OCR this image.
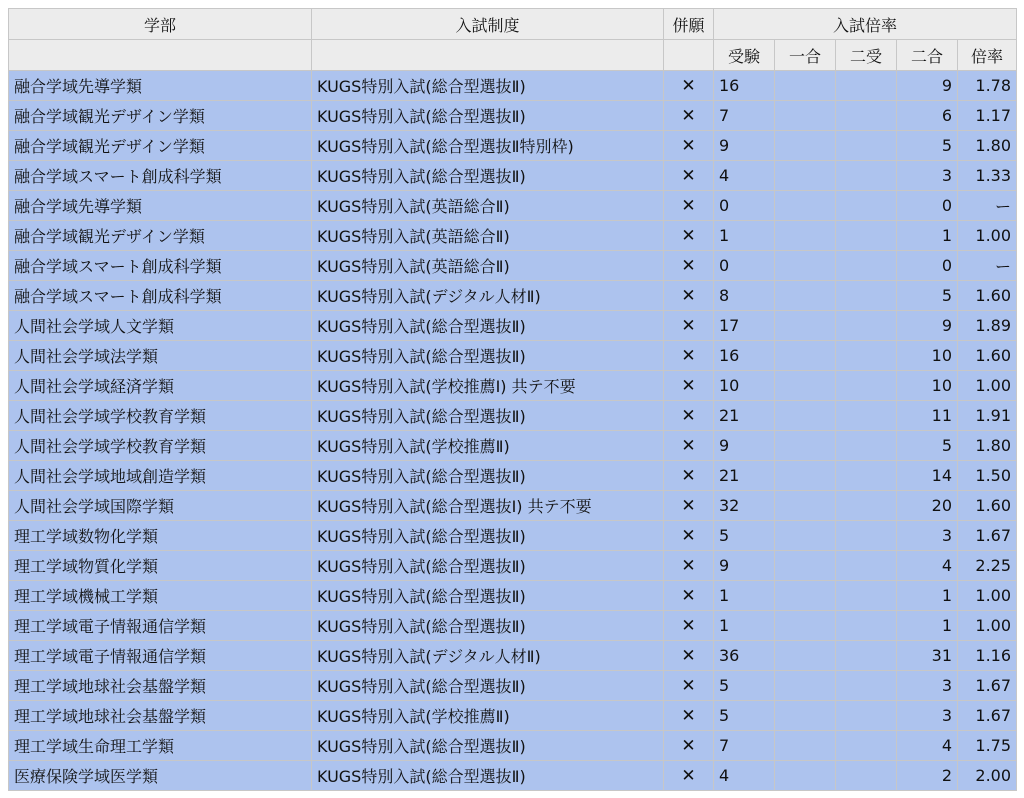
学部	入試制度	併願	入試倍率				
			受験	一合	二受	二合	倍率
融合学域先導学類	KUGS特別入試(総合型選抜Ⅱ)	✕	16			9	1.78
融合学域観光デザイン学類	KUGS特別入試(総合型選抜Ⅱ)	✕	7			6	1.17
融合学域観光デザイン学類	KUGS特別入試(総合型選抜Ⅱ特別枠)	✕	9			5	1.80
融合学域スマート創成科学類	KUGS特別入試(総合型選抜Ⅱ)	✕	4			3	1.33
融合学域先導学類	KUGS特別入試(英語総合Ⅱ)	✕	0			0	ー
融合学域観光デザイン学類	KUGS特別入試(英語総合Ⅱ)	✕	1			1	1.00
融合学域スマート創成科学類	KUGS特別入試(英語総合Ⅱ)	✕	0			0	ー
融合学域スマート創成科学類	KUGS特別入試(デジタル人材Ⅱ)	✕	8			5	1.60
人間社会学域人文学類	KUGS特別入試(総合型選抜Ⅱ)	✕	17			9	1.89
人間社会学域法学類	KUGS特別入試(総合型選抜Ⅱ)	✕	16			10	1.60
人間社会学域経済学類	KUGS特別入試(学校推薦Ⅰ) 共テ不要	✕	10			10	1.00
人間社会学域学校教育学類	KUGS特別入試(総合型選抜Ⅱ)	✕	21			11	1.91
人間社会学域学校教育学類	KUGS特別入試(学校推薦Ⅱ)	✕	9			5	1.80
人間社会学域地域創造学類	KUGS特別入試(総合型選抜Ⅱ)	✕	21			14	1.50
人間社会学域国際学類	KUGS特別入試(総合型選抜Ⅰ) 共テ不要	✕	32			20	1.60
理工学域数物化学類	KUGS特別入試(総合型選抜Ⅱ)	✕	5			3	1.67
理工学域物質化学類	KUGS特別入試(総合型選抜Ⅱ)	✕	9			4	2.25
理工学域機械工学類	KUGS特別入試(総合型選抜Ⅱ)	✕	1			1	1.00
理工学域電子情報通信学類	KUGS特別入試(総合型選抜Ⅱ)	✕	1			1	1.00
理工学域電子情報通信学類	KUGS特別入試(デジタル人材Ⅱ)	✕	36			31	1.16
理工学域地球社会基盤学類	KUGS特別入試(総合型選抜Ⅱ)	✕	5			3	1.67
理工学域地球社会基盤学類	KUGS特別入試(学校推薦Ⅱ)	✕	5			3	1.67
理工学域生命理工学類	KUGS特別入試(総合型選抜Ⅱ)	✕	7			4	1.75
医療保険学域医学類	KUGS特別入試(総合型選抜Ⅱ)	✕	4			2	2.00
